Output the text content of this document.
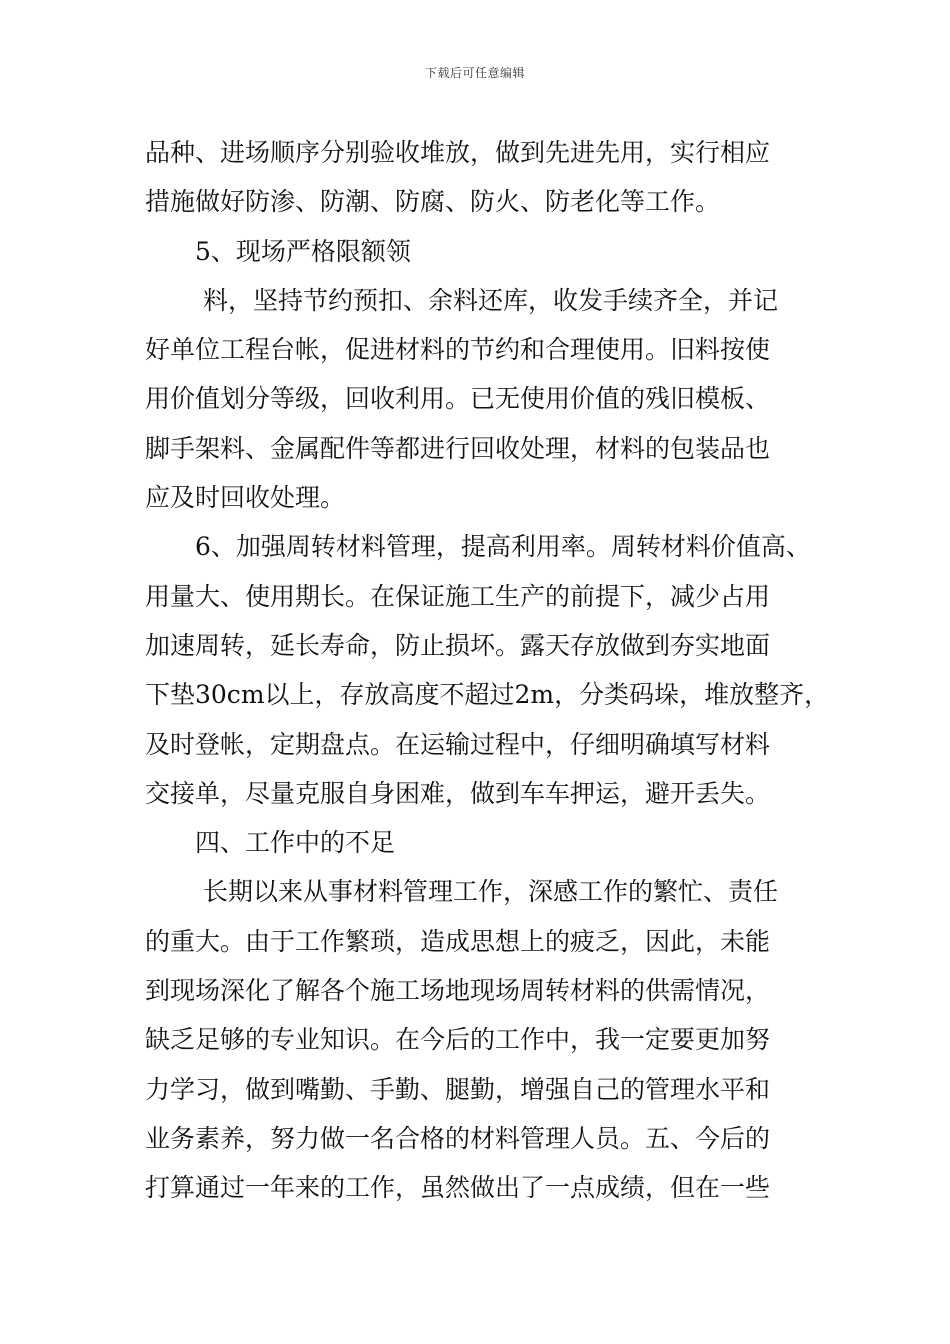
下载后可任意编辑
品种、进场顺序分别验收堆放，做到先进先用，实行相应
措施做好防渗、防潮、防腐、防火、防老化等工作。
5、现场严格限额领
料，坚持节约预扣、余料还库，收发手续齐全，并记
好单位工程台帐，促进材料的节约和合理使用。旧料按使
用价值划分等级，回收利用。已无使用价值的残旧模板、
脚手架料、金属配件等都进行回收处理，材料的包装品也
应及时回收处理。
6、加强周转材料管理，提高利用率。周转材料价值高、
用量大、使用期长。在保证施工生产的前提下，减少占用
加速周转，延长寿命，防止损坏。露天存放做到夯实地面
下垫30cm以上，存放高度不超过2m，分类码垛，堆放整齐，
及时登帐，定期盘点。在运输过程中，仔细明确填写材料
交接单，尽量克服自身困难，做到车车押运，避开丢失。
四、工作中的不足
长期以来从事材料管理工作，深感工作的繁忙、责任
的重大。由于工作繁琐，造成思想上的疲乏，因此，未能
到现场深化了解各个施工场地现场周转材料的供需情况，
缺乏足够的专业知识。在今后的工作中，我一定要更加努
力学习，做到嘴勤、手勤、腿勤，增强自己的管理水平和
业务素养，努力做一名合格的材料管理人员。五、今后的
打算通过一年来的工作，虽然做出了一点成绩，但在一些
